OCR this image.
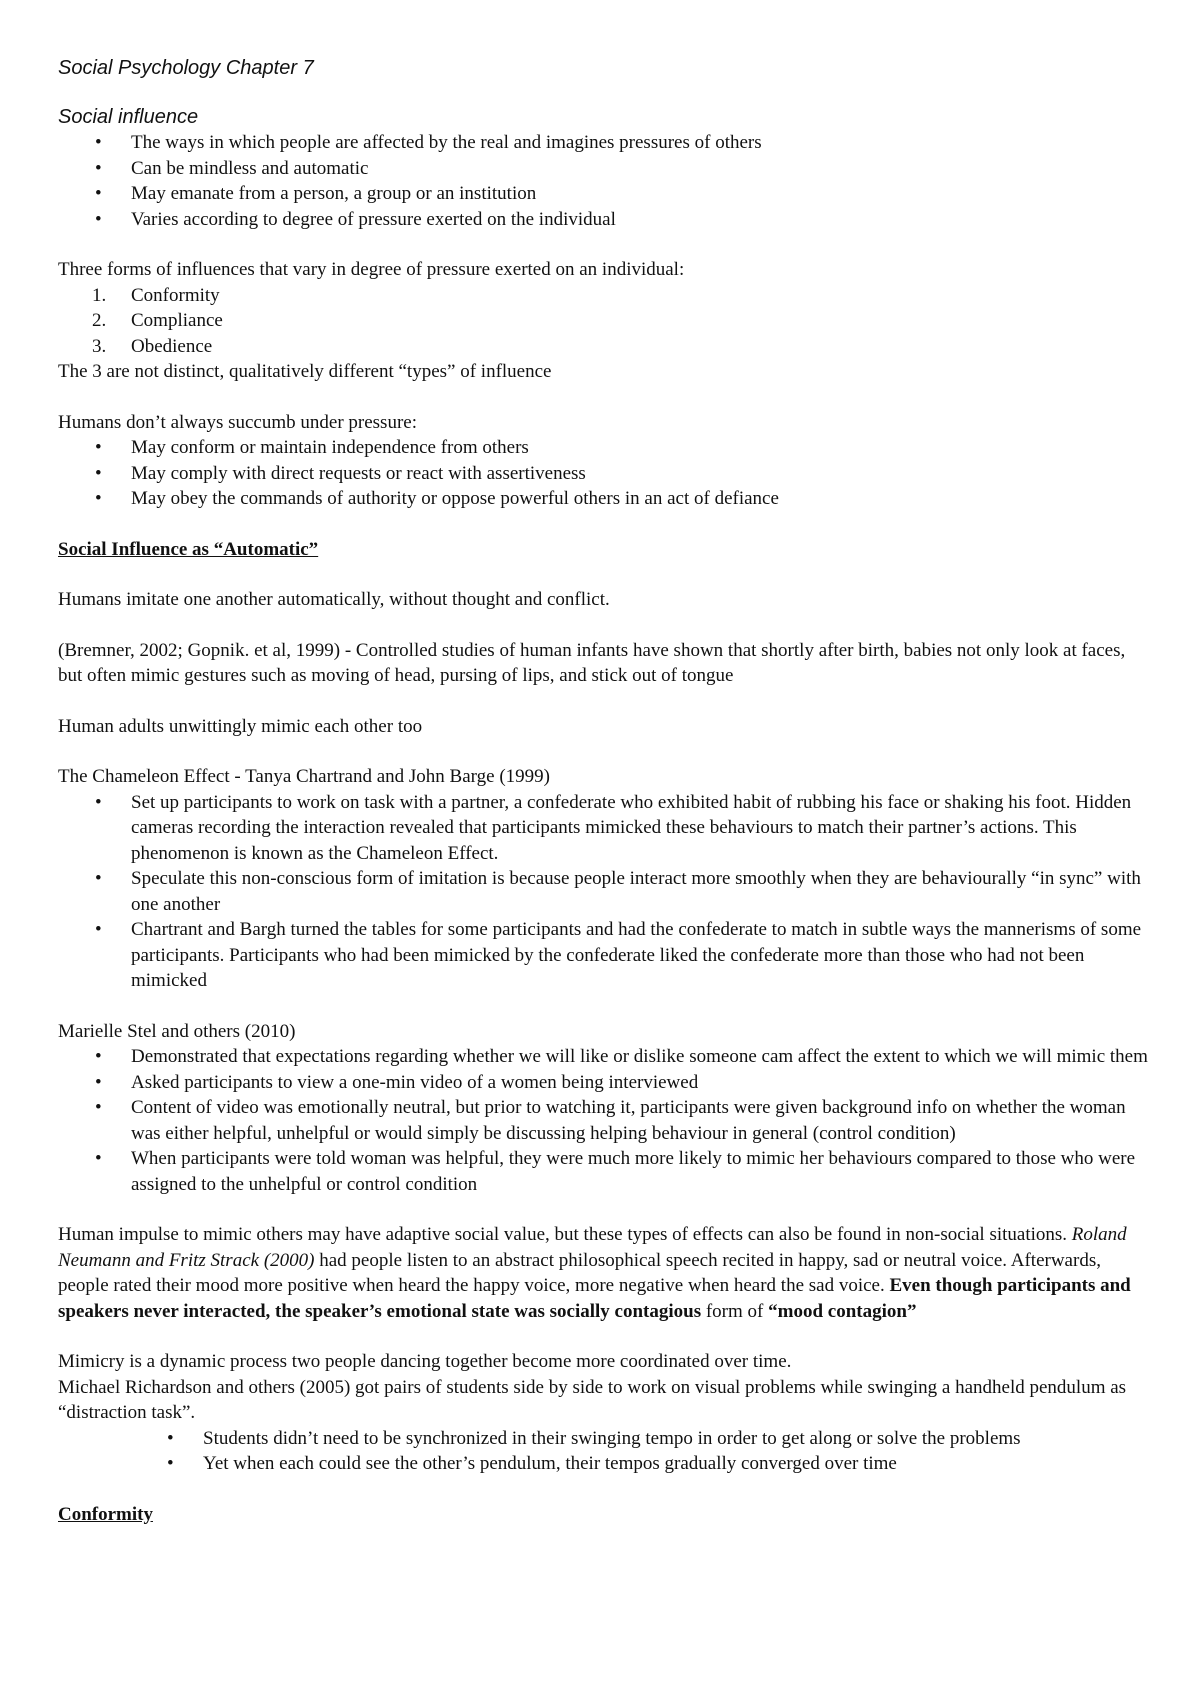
Social Psychology Chapter 7

Social influence

•	The ways in which people are affected by the real and imagines pressures of others
•	Can be mindless and automatic
•	May emanate from a person, a group or an institution
•	Varies according to degree of pressure exerted on the individual

Three forms of influences that vary in degree of pressure exerted on an individual:

1. Conformity
2. Compliance
3. Obedience

The 3 are not distinct, qualitatively different “types” of influence

Humans don’t always succumb under pressure:

•	May conform or maintain independence from others
•	May comply with direct requests or react with assertiveness
•	May obey the commands of authority or oppose powerful others in an act of defiance

Social Influence as “Automatic”

Humans imitate one another automatically, without thought and conflict.

(Bremner, 2002; Gopnik. et al, 1999) - Controlled studies of human infants have shown that shortly after birth, babies not only look at faces, but often mimic gestures such as moving of head, pursing of lips, and stick out of tongue

Human adults unwittingly mimic each other too

The Chameleon Effect - Tanya Chartrand and John Barge (1999)

•	Set up participants to work on task with a partner, a confederate who exhibited habit of rubbing his face or shaking his foot. Hidden cameras recording the interaction revealed that participants mimicked these behaviours to match their partner’s actions. This phenomenon is known as the Chameleon Effect.
•	Speculate this non-conscious form of imitation is because people interact more smoothly when they are behaviourally “in sync” with one another
•	Chartrant and Bargh turned the tables for some participants and had the confederate to match in subtle ways the mannerisms of some participants. Participants who had been mimicked by the confederate liked the confederate more than those who had not been mimicked

Marielle Stel and others (2010)

•	Demonstrated that expectations regarding whether we will like or dislike someone cam affect the extent to which we will mimic them
•	Asked participants to view a one-min video of a women being interviewed
•	Content of video was emotionally neutral, but prior to watching it, participants were given background info on whether the woman was either helpful, unhelpful or would simply be discussing helping behaviour in general (control condition)
•	When participants were told woman was helpful, they were much more likely to mimic her behaviours compared to those who were assigned to the unhelpful or control condition

Human impulse to mimic others may have adaptive social value, but these types of effects can also be found in non-social situations. Roland Neumann and Fritz Strack (2000) had people listen to an abstract philosophical speech recited in happy, sad or neutral voice. Afterwards, people rated their mood more positive when heard the happy voice, more negative when heard the sad voice. Even though participants and speakers never interacted, the speaker’s emotional state was socially contagious form of “mood contagion”

Mimicry is a dynamic process two people dancing together become more coordinated over time.

Michael Richardson and others (2005) got pairs of students side by side to work on visual problems while swinging a handheld pendulum as “distraction task”.

•	Students didn’t need to be synchronized in their swinging tempo in order to get along or solve the problems
•	Yet when each could see the other’s pendulum, their tempos gradually converged over time

Conformity
